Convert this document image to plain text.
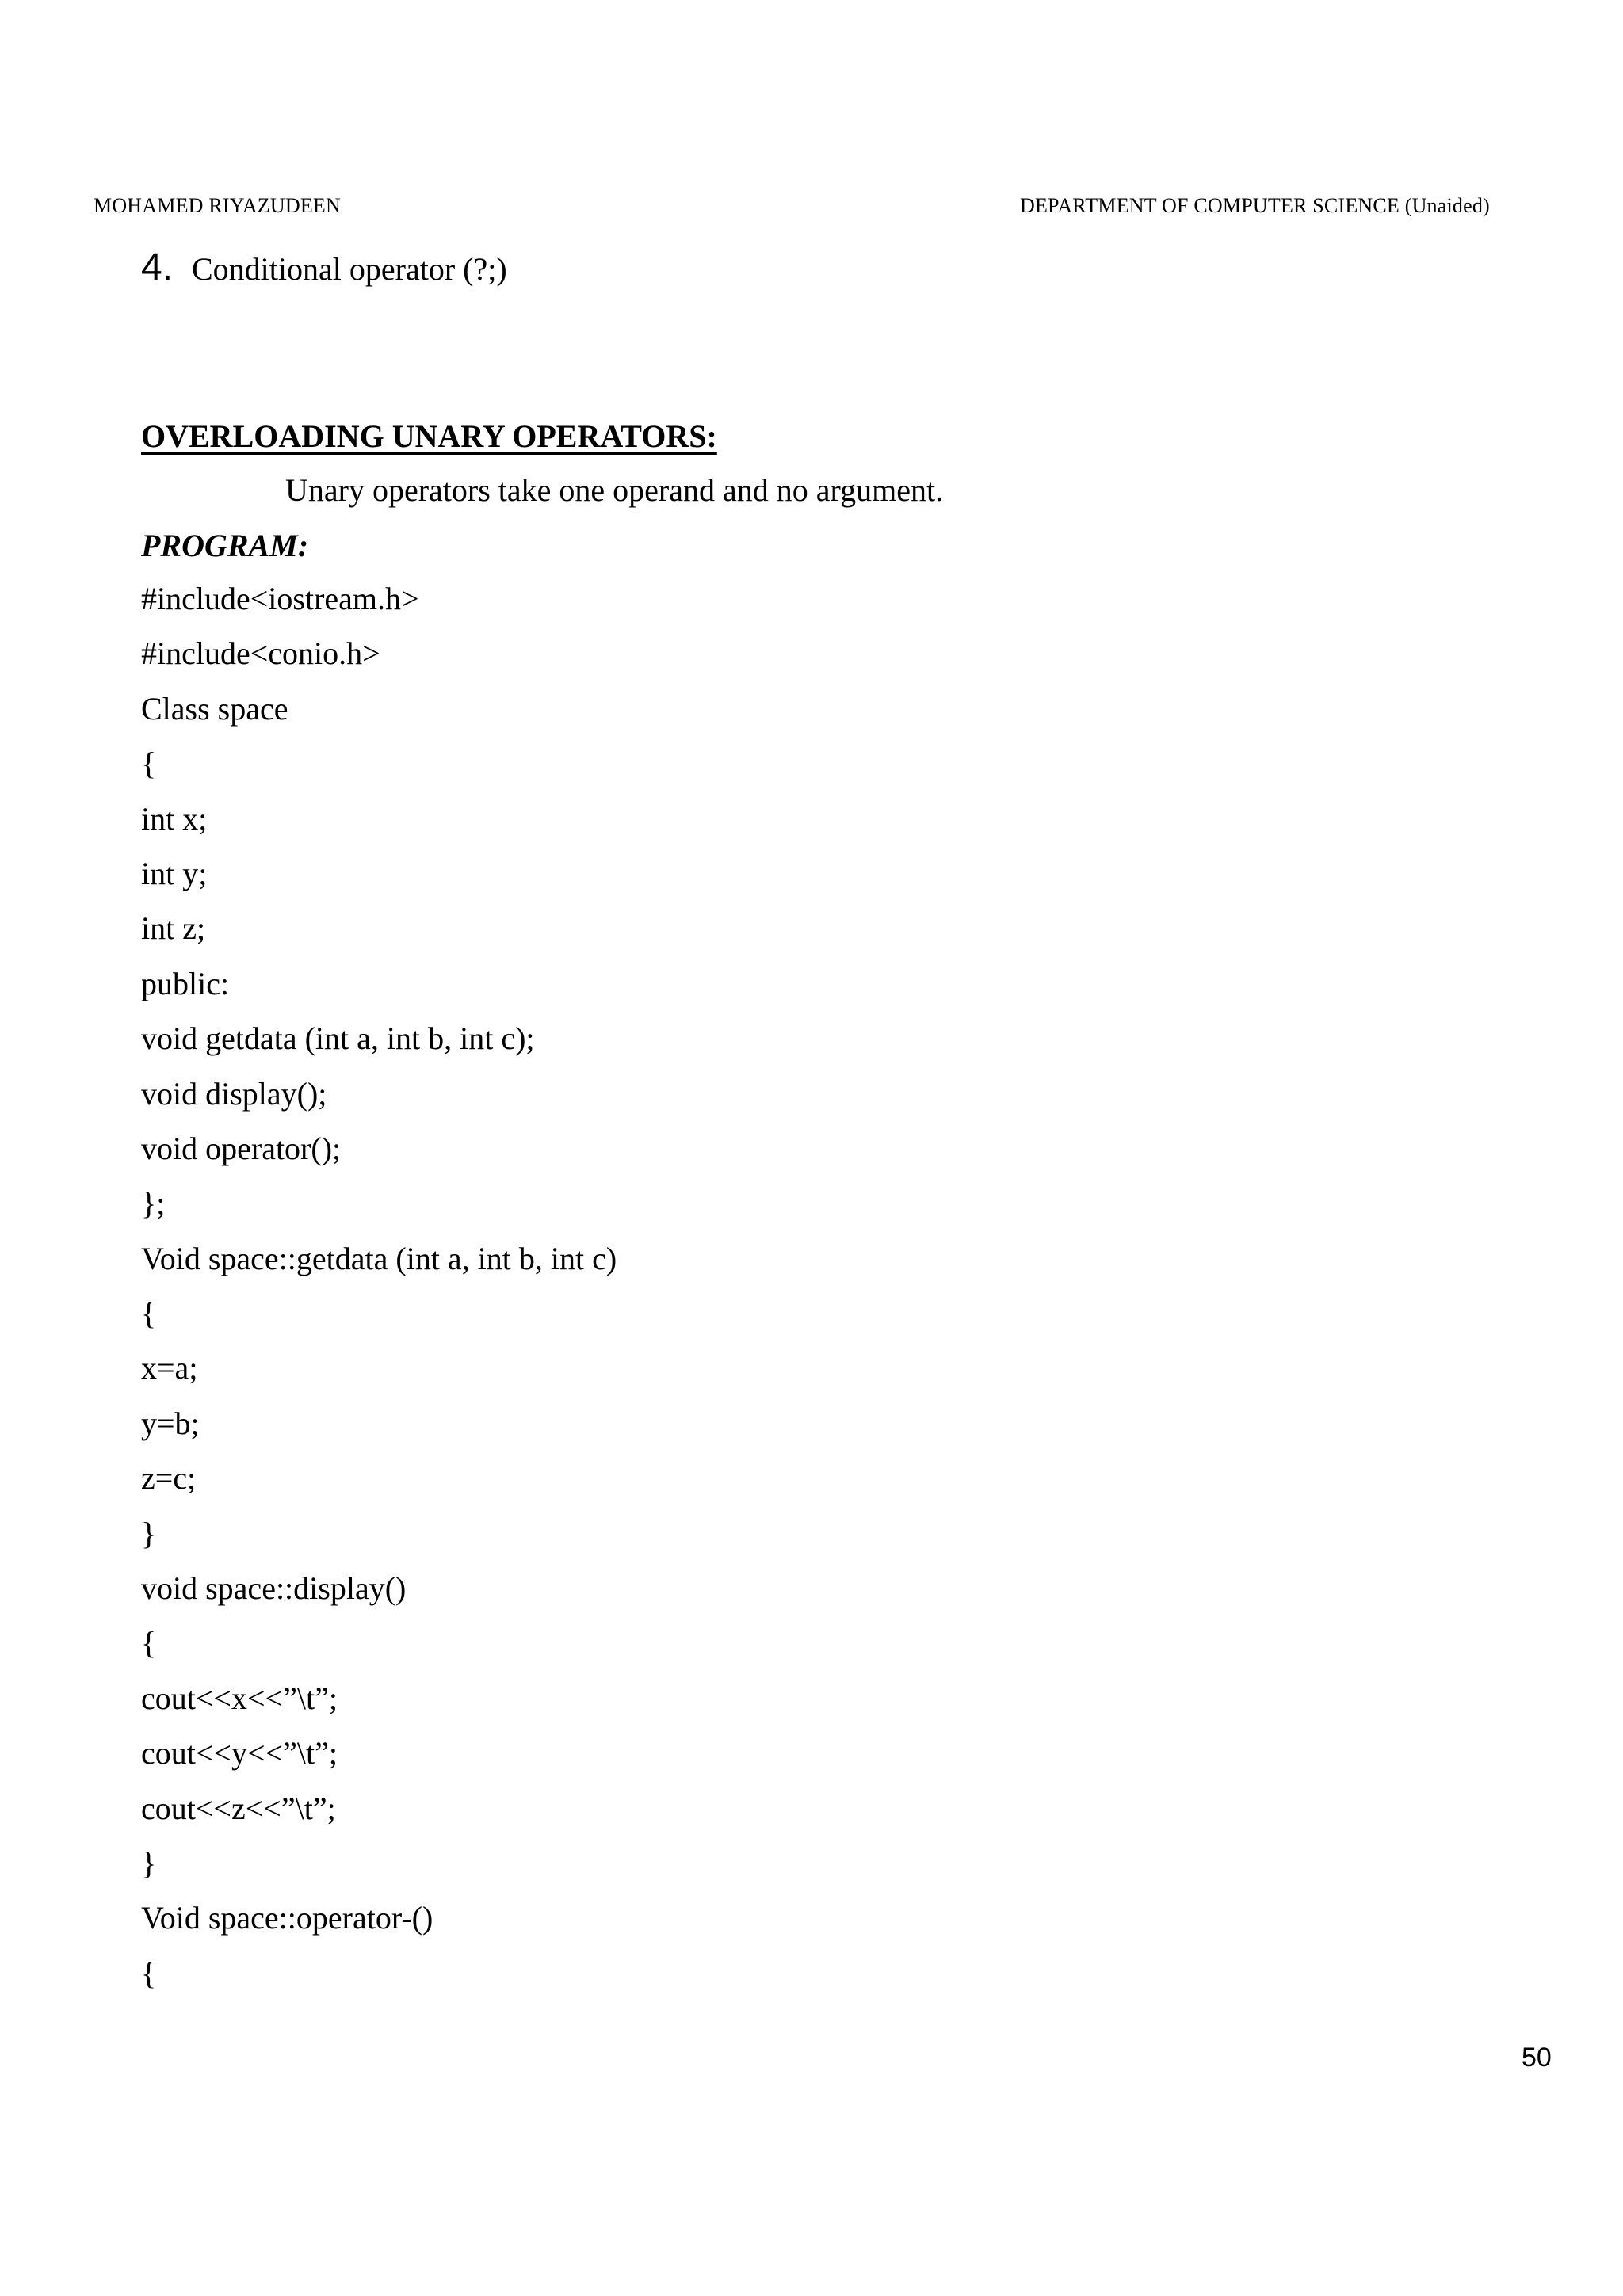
MOHAMED RIYAZUDEEN	DEPARTMENT OF COMPUTER SCIENCE (Unaided)
4. Conditional operator (?;)
OVERLOADING UNARY OPERATORS:
Unary operators take one operand and no argument.
PROGRAM:
#include<iostream.h>
#include<conio.h>
Class space
{
int x;
int y;
int z;
public:
void getdata (int a, int b, int c);
void display();
void operator();
};
Void space::getdata (int a, int b, int c)
{
x=a;
y=b;
z=c;
}
void space::display()
{
cout<<x<<”\t”;
cout<<y<<”\t”;
cout<<z<<”\t”;
}
Void space::operator-()
{
50
